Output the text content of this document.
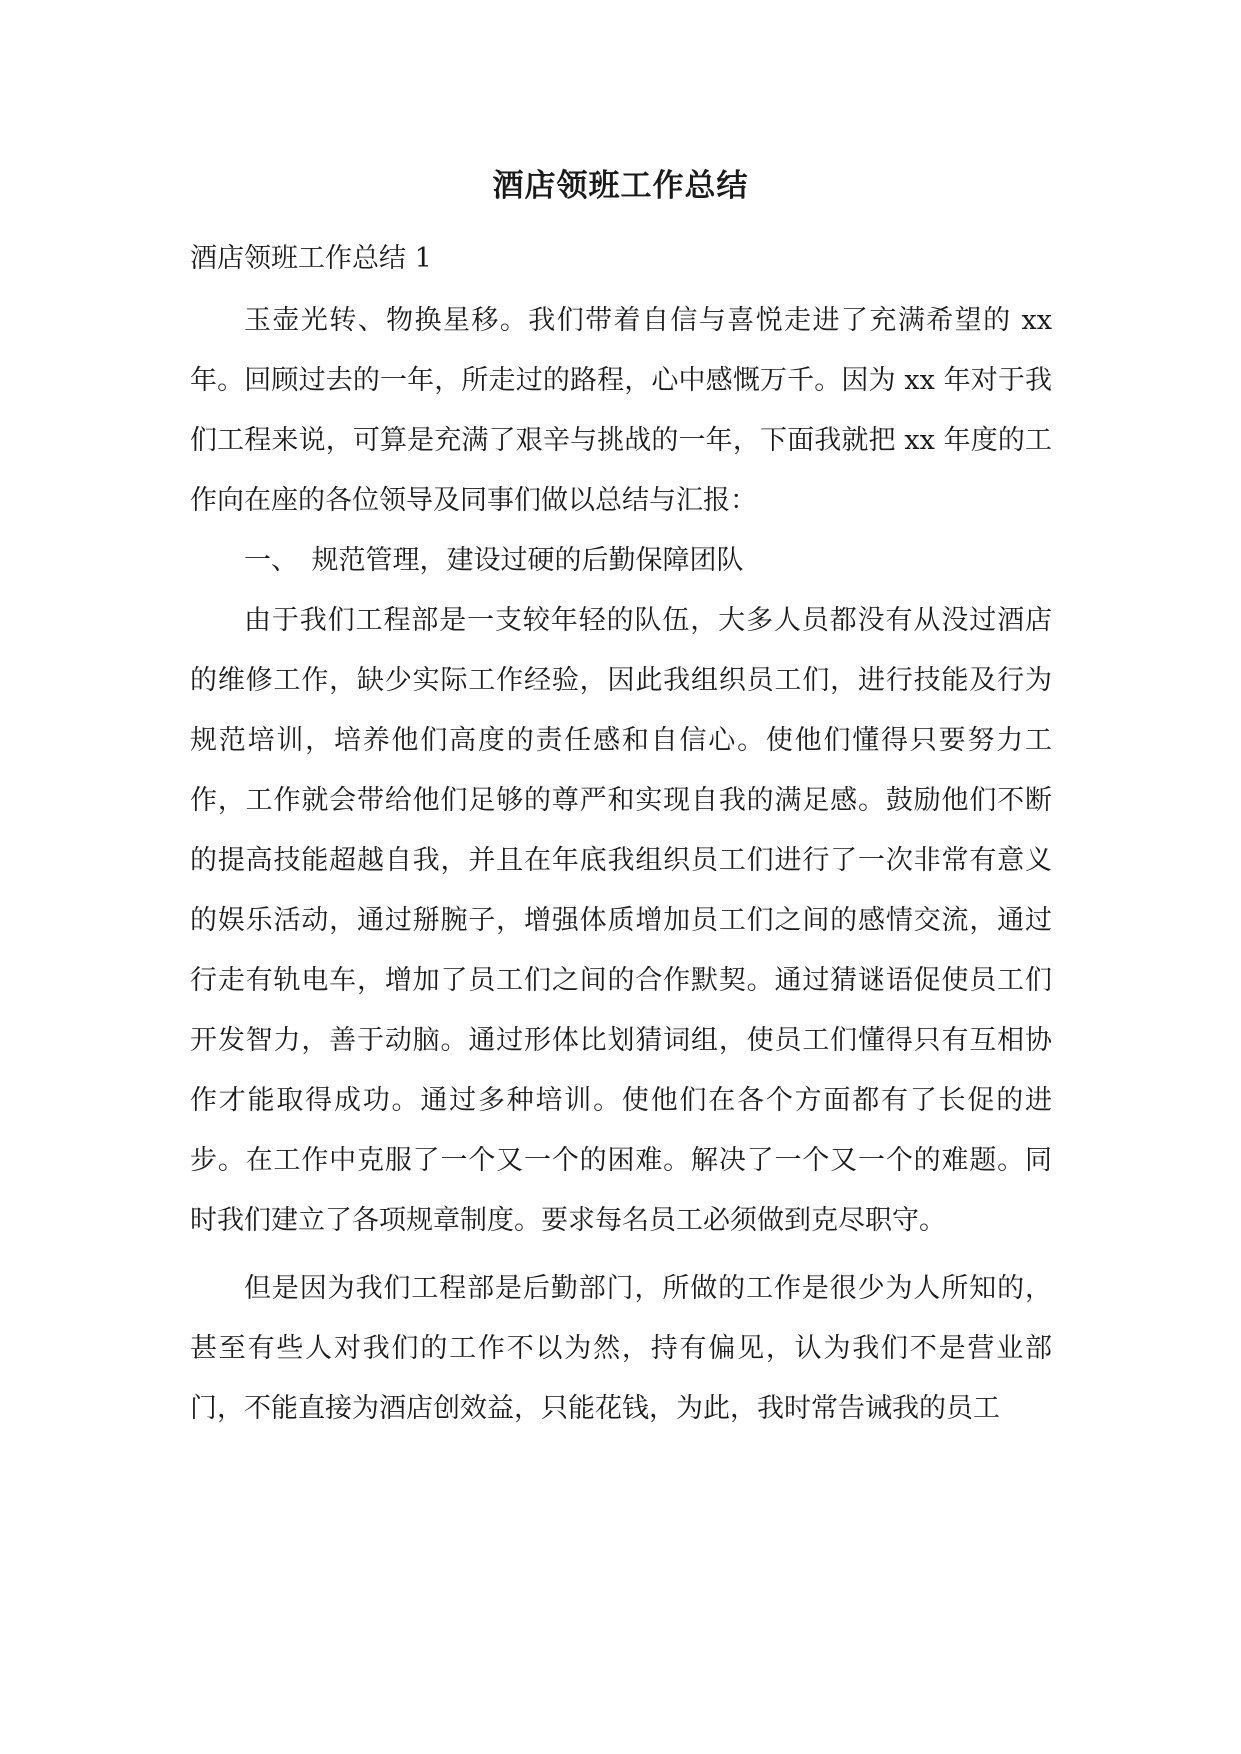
酒店领班工作总结

酒店领班工作总结 1

玉壶光转、物换星移。我们带着自信与喜悦走进了充满希望的 xx 年。回顾过去的一年，所走过的路程，心中感慨万千。因为 xx 年对于我们工程来说，可算是充满了艰辛与挑战的一年，下面我就把 xx 年度的工作向在座的各位领导及同事们做以总结与汇报：

一、　规范管理，建设过硬的后勤保障团队

由于我们工程部是一支较年轻的队伍，大多人员都没有从没过酒店的维修工作，缺少实际工作经验，因此我组织员工们，进行技能及行为规范培训，培养他们高度的责任感和自信心。使他们懂得只要努力工作，工作就会带给他们足够的尊严和实现自我的满足感。鼓励他们不断的提高技能超越自我，并且在年底我组织员工们进行了一次非常有意义的娱乐活动，通过掰腕子，增强体质增加员工们之间的感情交流，通过行走有轨电车，增加了员工们之间的合作默契。通过猜谜语促使员工们开发智力，善于动脑。通过形体比划猜词组，使员工们懂得只有互相协作才能取得成功。通过多种培训。使他们在各个方面都有了长促的进步。在工作中克服了一个又一个的困难。解决了一个又一个的难题。同时我们建立了各项规章制度。要求每名员工必须做到克尽职守。

但是因为我们工程部是后勤部门，所做的工作是很少为人所知的，甚至有些人对我们的工作不以为然，持有偏见，认为我们不是营业部门，不能直接为酒店创效益，只能花钱，为此，我时常告诫我的员工
